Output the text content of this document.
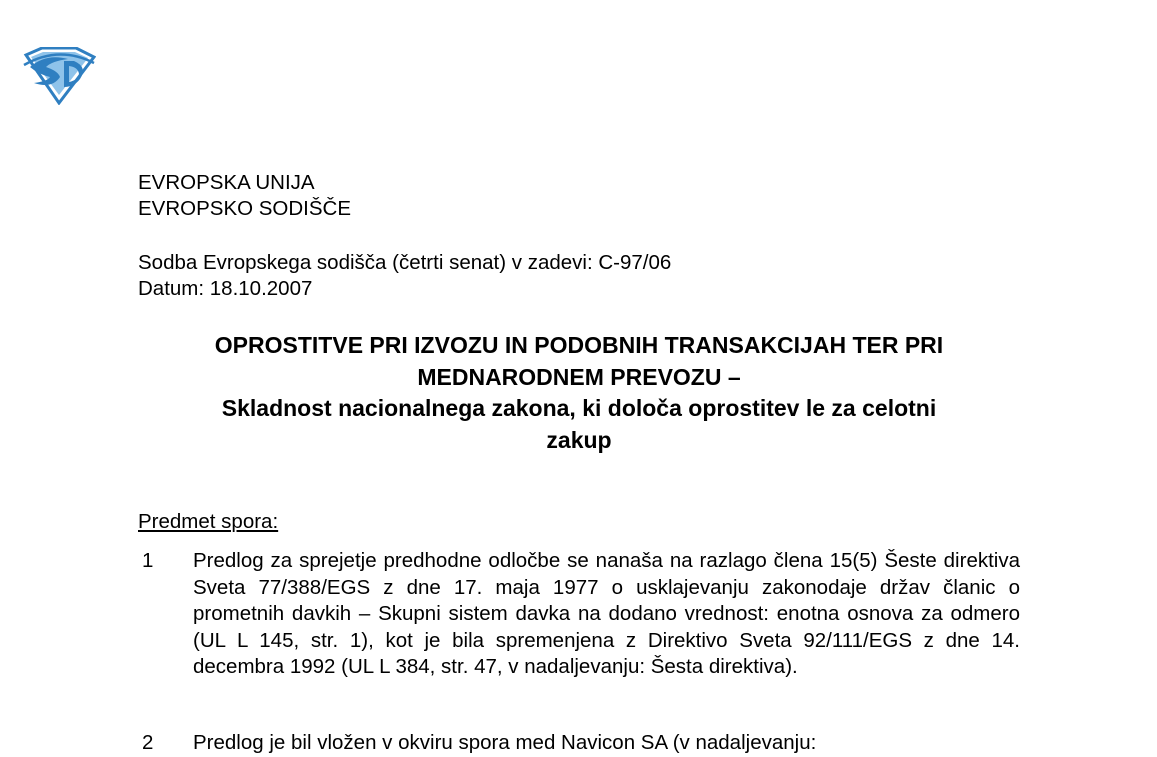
EVROPSKA UNIJA
EVROPSKO SODIŠČE
Sodba Evropskega sodišča (četrti senat) v zadevi: C-97/06
Datum: 18.10.2007
OPROSTITVE PRI IZVOZU IN PODOBNIH TRANSAKCIJAH TER PRI
MEDNARODNEM PREVOZU –
Skladnost nacionalnega zakona, ki določa oprostitev le za celotni
zakup
Predmet spora:
1 Predlog za sprejetje predhodne odločbe se nanaša na razlago člena 15(5) Šeste direktiva Sveta 77/388/EGS z dne 17. maja 1977 o usklajevanju zakonodaje držav članic o prometnih davkih – Skupni sistem davka na dodano vrednost: enotna osnova za odmero (UL L 145, str. 1), kot je bila spremenjena z Direktivo Sveta 92/111/EGS z dne 14. decembra 1992 (UL L 384, str. 47, v nadaljevanju: Šesta direktiva).
2 Predlog je bil vložen v okviru spora med Navicon SA (v nadaljevanju:
